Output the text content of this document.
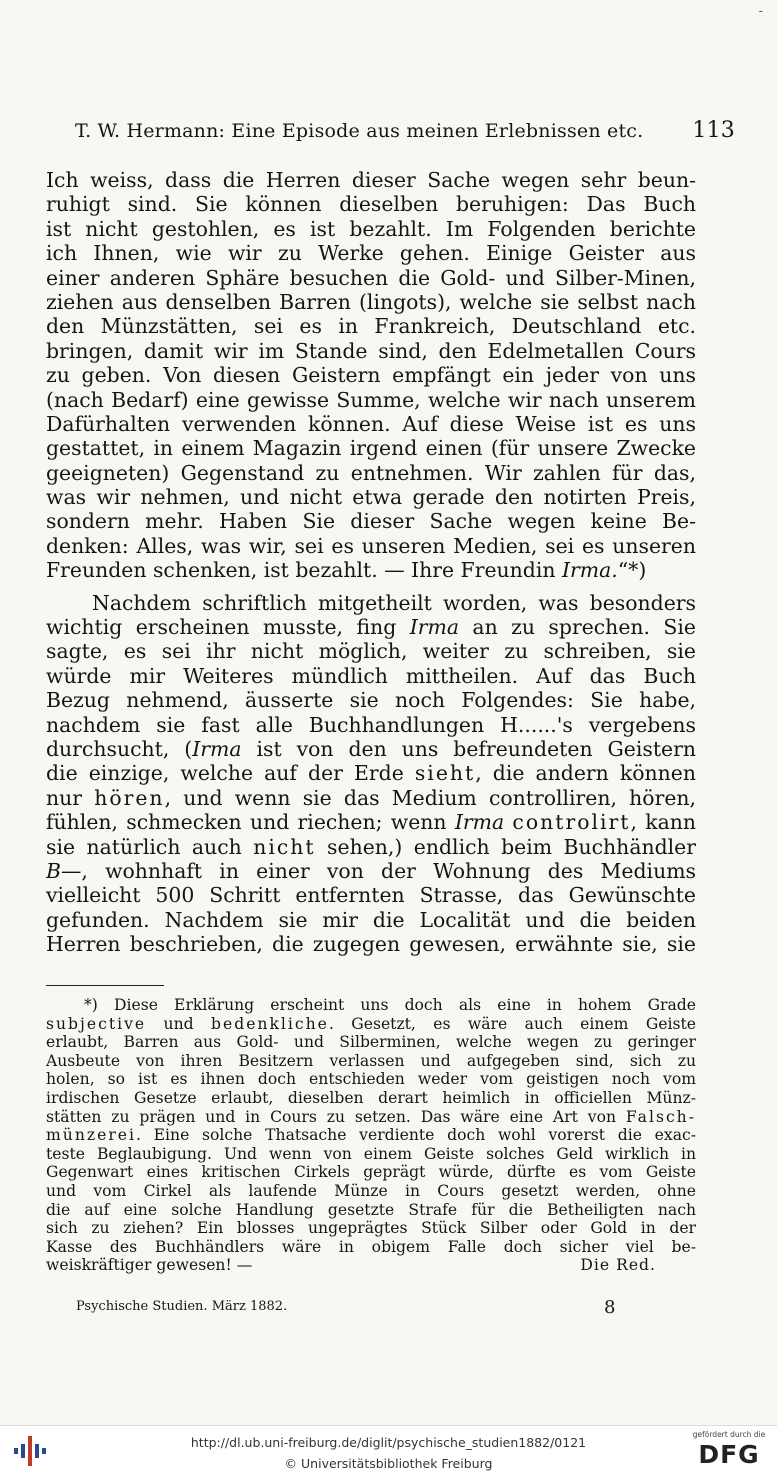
-
T. W. Hermann: Eine Episode aus meinen Erlebnissen etc. 113
Ich weiss, dass die Herren dieser Sache wegen sehr beun-
ruhigt sind. Sie können dieselben beruhigen: Das Buch
ist nicht gestohlen, es ist bezahlt. Im Folgenden berichte
ich Ihnen, wie wir zu Werke gehen. Einige Geister aus
einer anderen Sphäre besuchen die Gold- und Silber-Minen,
ziehen aus denselben Barren (lingots), welche sie selbst nach
den Münzstätten, sei es in Frankreich, Deutschland etc.
bringen, damit wir im Stande sind, den Edelmetallen Cours
zu geben. Von diesen Geistern empfängt ein jeder von uns
(nach Bedarf) eine gewisse Summe, welche wir nach unserem
Dafürhalten verwenden können. Auf diese Weise ist es uns
gestattet, in einem Magazin irgend einen (für unsere Zwecke
geeigneten) Gegenstand zu entnehmen. Wir zahlen für das,
was wir nehmen, und nicht etwa gerade den notirten Preis,
sondern mehr. Haben Sie dieser Sache wegen keine Be-
denken: Alles, was wir, sei es unseren Medien, sei es unseren
Freunden schenken, ist bezahlt. — Ihre Freundin Irma.“*)
Nachdem schriftlich mitgetheilt worden, was besonders
wichtig erscheinen musste, fing Irma an zu sprechen. Sie
sagte, es sei ihr nicht möglich, weiter zu schreiben, sie
würde mir Weiteres mündlich mittheilen. Auf das Buch
Bezug nehmend, äusserte sie noch Folgendes: Sie habe,
nachdem sie fast alle Buchhandlungen H......'s vergebens
durchsucht, (Irma ist von den uns befreundeten Geistern
die einzige, welche auf der Erde sieht, die andern können
nur hören, und wenn sie das Medium controlliren, hören,
fühlen, schmecken und riechen; wenn Irma controlirt, kann
sie natürlich auch nicht sehen,) endlich beim Buchhändler
B—, wohnhaft in einer von der Wohnung des Mediums
vielleicht 500 Schritt entfernten Strasse, das Gewünschte
gefunden. Nachdem sie mir die Localität und die beiden
Herren beschrieben, die zugegen gewesen, erwähnte sie, sie
*) Diese Erklärung erscheint uns doch als eine in hohem Grade
subjective und bedenkliche. Gesetzt, es wäre auch einem Geiste
erlaubt, Barren aus Gold- und Silberminen, welche wegen zu geringer
Ausbeute von ihren Besitzern verlassen und aufgegeben sind, sich zu
holen, so ist es ihnen doch entschieden weder vom geistigen noch vom
irdischen Gesetze erlaubt, dieselben derart heimlich in officiellen Münz-
stätten zu prägen und in Cours zu setzen. Das wäre eine Art von Falsch-
münzerei. Eine solche Thatsache verdiente doch wohl vorerst die exac-
teste Beglaubigung. Und wenn von einem Geiste solches Geld wirklich in
Gegenwart eines kritischen Cirkels geprägt würde, dürfte es vom Geiste
und vom Cirkel als laufende Münze in Cours gesetzt werden, ohne
die auf eine solche Handlung gesetzte Strafe für die Betheiligten nach
sich zu ziehen? Ein blosses ungeprägtes Stück Silber oder Gold in der
Kasse des Buchhändlers wäre in obigem Falle doch sicher viel be-
weiskräftiger gewesen! —	Die Red.
Psychische Studien. März 1882.	8
http://dl.ub.uni-freiburg.de/diglit/psychische_studien1882/0121
© Universitätsbibliothek Freiburg
gefördert durch die
DFG
